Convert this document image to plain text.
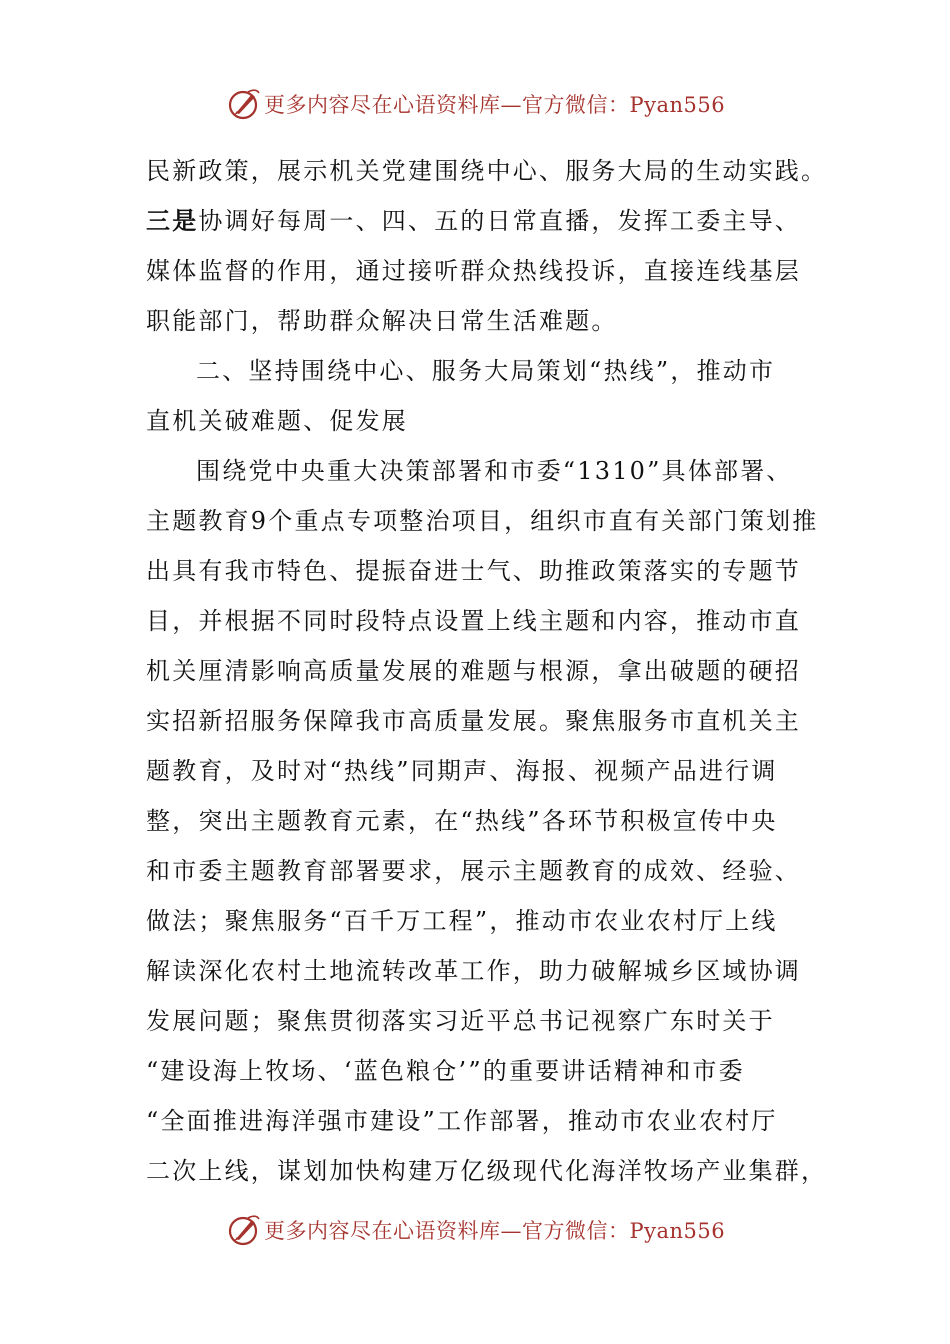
更多内容尽在心语资料库—官方微信：Pyan556
民新政策，展示机关党建围绕中心、服务大局的生动实践。
三是协调好每周一、四、五的日常直播，发挥工委主导、
媒体监督的作用，通过接听群众热线投诉，直接连线基层
职能部门，帮助群众解决日常生活难题。
二、坚持围绕中心、服务大局策划“热线”，推动市
直机关破难题、促发展
围绕党中央重大决策部署和市委“1310”具体部署、
主题教育9个重点专项整治项目，组织市直有关部门策划推
出具有我市特色、提振奋进士气、助推政策落实的专题节
目，并根据不同时段特点设置上线主题和内容，推动市直
机关厘清影响高质量发展的难题与根源，拿出破题的硬招
实招新招服务保障我市高质量发展。聚焦服务市直机关主
题教育，及时对“热线”同期声、海报、视频产品进行调
整，突出主题教育元素，在“热线”各环节积极宣传中央
和市委主题教育部署要求，展示主题教育的成效、经验、
做法；聚焦服务“百千万工程”，推动市农业农村厅上线
解读深化农村土地流转改革工作，助力破解城乡区域协调
发展问题；聚焦贯彻落实习近平总书记视察广东时关于
“建设海上牧场、‘蓝色粮仓’”的重要讲话精神和市委
“全面推进海洋强市建设”工作部署，推动市农业农村厅
二次上线，谋划加快构建万亿级现代化海洋牧场产业集群，
更多内容尽在心语资料库—官方微信：Pyan556
